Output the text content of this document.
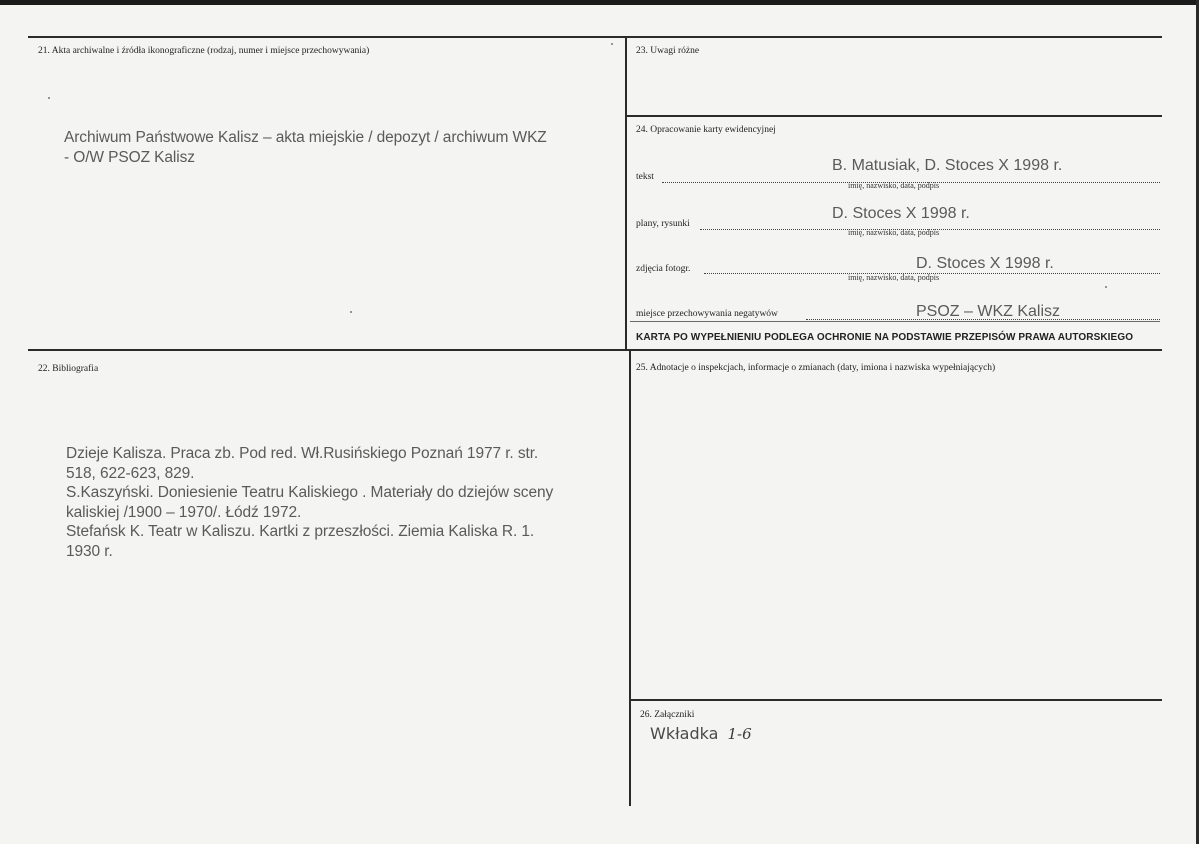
21. Akta archiwalne i źródła ikonograficzne (rodzaj, numer i miejsce przechowywania)
Archiwum Państwowe Kalisz – akta miejskie / depozyt / archiwum WKZ
- O/W PSOZ Kalisz
23. Uwagi różne
24. Opracowanie karty ewidencyjnej
tekst
B. Matusiak, D. Stoces X 1998 r.
imię, nazwisko, data, podpis
plany, rysunki
D. Stoces X 1998 r.
imię, nazwisko, data, podpis
zdjęcia fotogr.	D. Stoces X 1998 r.
imię, nazwisko, data, podpis
miejsce przechowywania negatywów	PSOZ – WKZ Kalisz
KARTA PO WYPEŁNIENIU PODLEGA OCHRONIE NA PODSTAWIE PRZEPISÓW PRAWA AUTORSKIEGO
22. Bibliografia
Dzieje Kalisza. Praca zb. Pod red. Wł.Rusińskiego Poznań 1977 r. str.
518, 622-623, 829.
S.Kaszyński. Doniesienie Teatru Kaliskiego . Materiały do dziejów sceny
kaliskiej /1900 – 1970/. Łódź 1972.
Stefańsk K. Teatr w Kaliszu. Kartki z przeszłości. Ziemia Kaliska R. 1.
1930 r.
25. Adnotacje o inspekcjach, informacje o zmianach (daty, imiona i nazwiska wypełniających)
26. Załączniki
Wkładka 1-6
